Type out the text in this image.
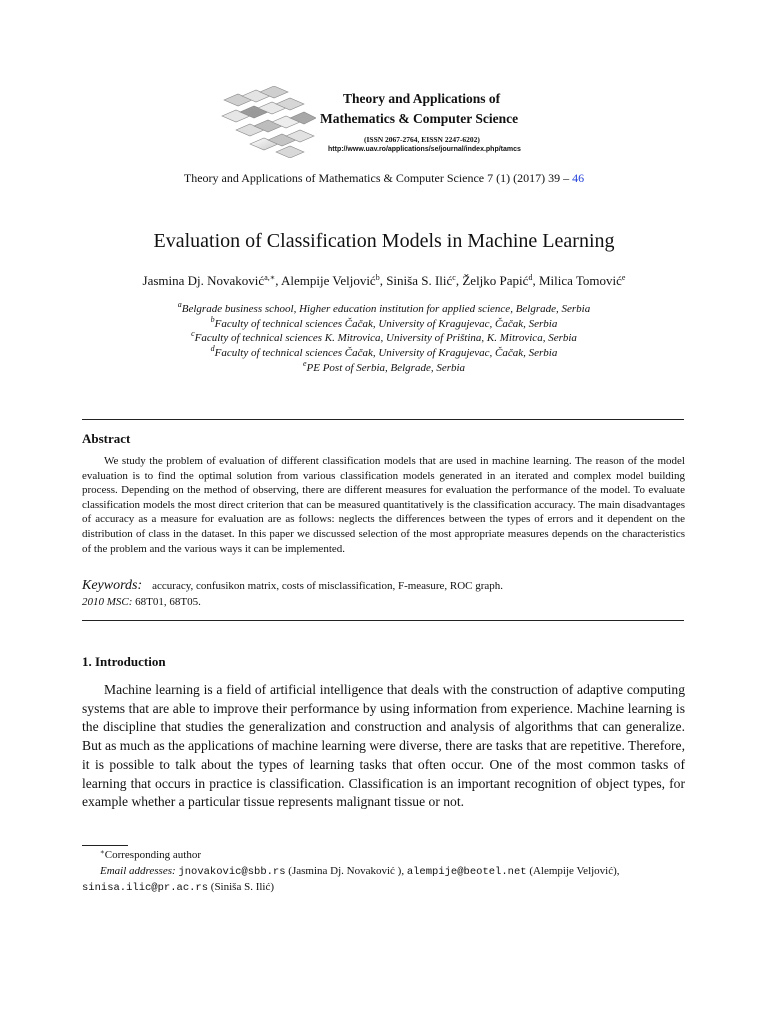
Theory and Applications of
Mathematics & Computer Science
(ISSN 2067-2764, EISSN 2247-6202)
http://www.uav.ro/applications/se/journal/index.php/tamcs
Theory and Applications of Mathematics & Computer Science 7 (1) (2017) 39 – 46
Evaluation of Classification Models in Machine Learning
Jasmina Dj. Novaković$^{a,∗}$, Alempije Veljović$^b$, Siniša S. Ilić$^c$, Željko Papić$^d$, Milica Tomović$^e$
$^a$Belgrade business school, Higher education institution for applied science, Belgrade, Serbia
$^b$Faculty of technical sciences Čačak, University of Kragujevac, Čačak, Serbia
$^c$Faculty of technical sciences K. Mitrovica, University of Priština, K. Mitrovica, Serbia
$^d$Faculty of technical sciences Čačak, University of Kragujevac, Čačak, Serbia
$^e$PE Post of Serbia, Belgrade, Serbia
Abstract
We study the problem of evaluation of different classification models that are used in machine learning. The reason of the model evaluation is to find the optimal solution from various classification models generated in an iterated and complex model building process. Depending on the method of observing, there are different measures for evaluation the performance of the model. To evaluate classification models the most direct criterion that can be measured quantitatively is the classification accuracy. The main disadvantages of accuracy as a measure for evaluation are as follows: neglects the differences between the types of errors and it dependent on the distribution of class in the dataset. In this paper we discussed selection of the most appropriate measures depends on the characteristics of the problem and the various ways it can be implemented.
Keywords: accuracy, confusikon matrix, costs of misclassification, F-measure, ROC graph.
2010 MSC: 68T01, 68T05.
1. Introduction
Machine learning is a field of artificial intelligence that deals with the construction of adaptive computing systems that are able to improve their performance by using information from experience. Machine learning is the discipline that studies the generalization and construction and analysis of algorithms that can generalize. But as much as the applications of machine learning were diverse, there are tasks that are repetitive. Therefore, it is possible to talk about the types of learning tasks that often occur. One of the most common tasks of learning that occurs in practice is classification. Classification is an important recognition of object types, for example whether a particular tissue represents malignant tissue or not.
∗Corresponding author
Email addresses: jnovakovic@sbb.rs (Jasmina Dj. Novaković ), alempije@beotel.net (Alempije Veljović), sinisa.ilic@pr.ac.rs (Siniša S. Ilić)
